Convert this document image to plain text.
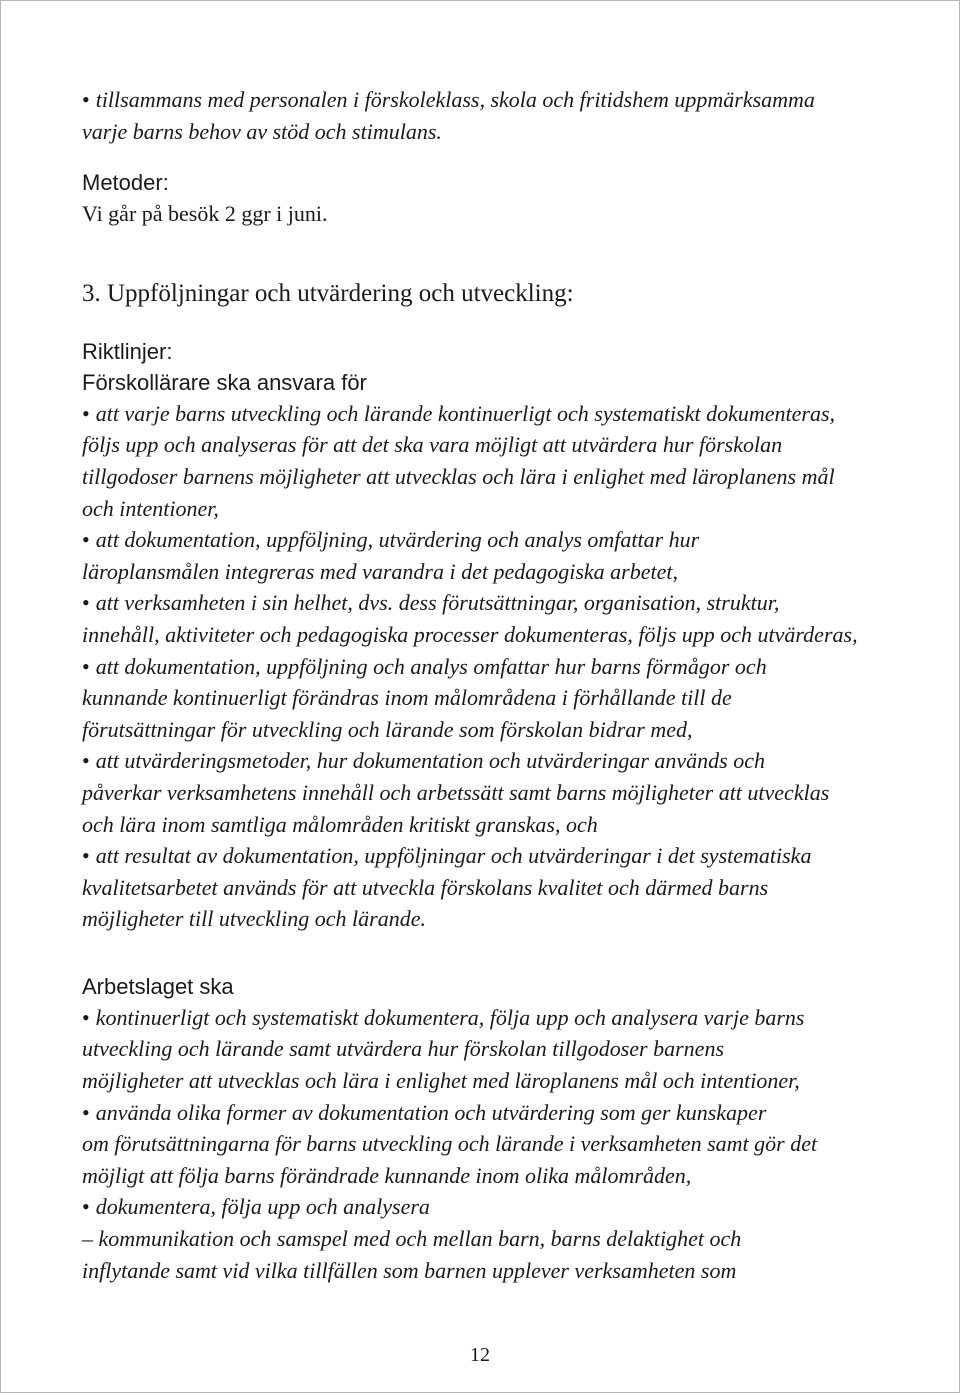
• tillsammans med personalen i förskoleklass, skola och fritidshem uppmärksamma

varje barns behov av stöd och stimulans.

Metoder:

Vi går på besök 2 ggr i juni.

3. Uppföljningar och utvärdering och utveckling:

Riktlinjer:

Förskollärare ska ansvara för

• att varje barns utveckling och lärande kontinuerligt och systematiskt dokumenteras,

följs upp och analyseras för att det ska vara möjligt att utvärdera hur förskolan

tillgodoser barnens möjligheter att utvecklas och lära i enlighet med läroplanens mål

och intentioner,

• att dokumentation, uppföljning, utvärdering och analys omfattar hur

läroplansmålen integreras med varandra i det pedagogiska arbetet,

• att verksamheten i sin helhet, dvs. dess förutsättningar, organisation, struktur,

innehåll, aktiviteter och pedagogiska processer dokumenteras, följs upp och utvärderas,

• att dokumentation, uppföljning och analys omfattar hur barns förmågor och

kunnande kontinuerligt förändras inom målområdena i förhållande till de

förutsättningar för utveckling och lärande som förskolan bidrar med,

• att utvärderingsmetoder, hur dokumentation och utvärderingar används och

påverkar verksamhetens innehåll och arbetssätt samt barns möjligheter att utvecklas

och lära inom samtliga målområden kritiskt granskas, och

• att resultat av dokumentation, uppföljningar och utvärderingar i det systematiska

kvalitetsarbetet används för att utveckla förskolans kvalitet och därmed barns

möjligheter till utveckling och lärande.

Arbetslaget ska

• kontinuerligt och systematiskt dokumentera, följa upp och analysera varje barns

utveckling och lärande samt utvärdera hur förskolan tillgodoser barnens

möjligheter att utvecklas och lära i enlighet med läroplanens mål och intentioner,

• använda olika former av dokumentation och utvärdering som ger kunskaper

om förutsättningarna för barns utveckling och lärande i verksamheten samt gör det

möjligt att följa barns förändrade kunnande inom olika målområden,

• dokumentera, följa upp och analysera

– kommunikation och samspel med och mellan barn, barns delaktighet och

inflytande samt vid vilka tillfällen som barnen upplever verksamheten som

12
